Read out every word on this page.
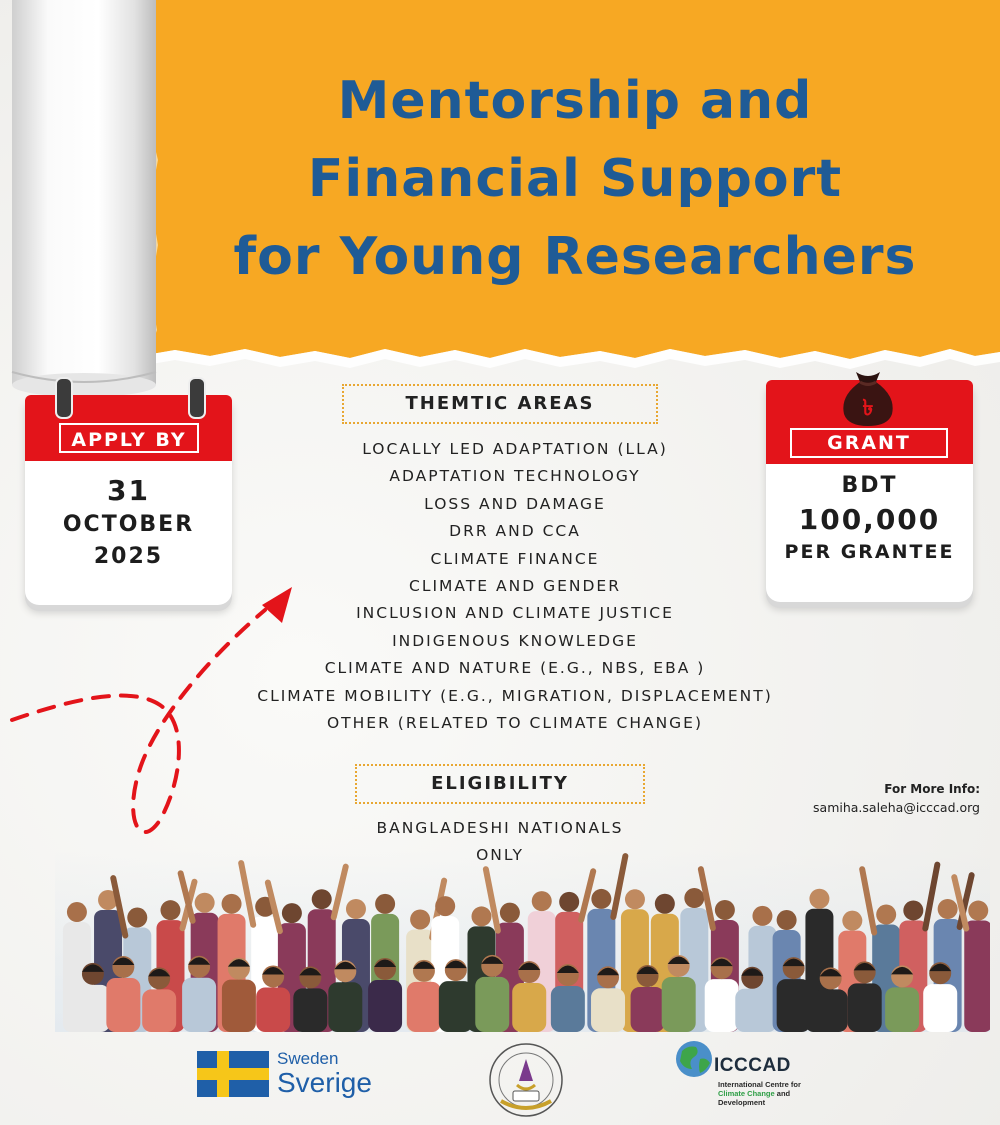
Mentorship and
Financial Support
for Young Researchers
APPLY BY
31
OCTOBER
2025
৳
GRANT
BDT
100,000
PER GRANTEE
THEMTIC AREAS
LOCALLY LED ADAPTATION (LLA)
ADAPTATION TECHNOLOGY
LOSS AND DAMAGE
DRR AND CCA
CLIMATE FINANCE
CLIMATE AND GENDER
INCLUSION AND CLIMATE JUSTICE
INDIGENOUS KNOWLEDGE
CLIMATE AND NATURE (E.G., NBS, EBA )
CLIMATE MOBILITY (E.G., MIGRATION, DISPLACEMENT)
OTHER (RELATED TO CLIMATE CHANGE)
ELIGIBILITY
BANGLADESHI NATIONALS
For More Info:
samiha.saleha@icccad.org
Sweden
Sverige
ICCCAD
International Centre for
Climate Change and
Development
